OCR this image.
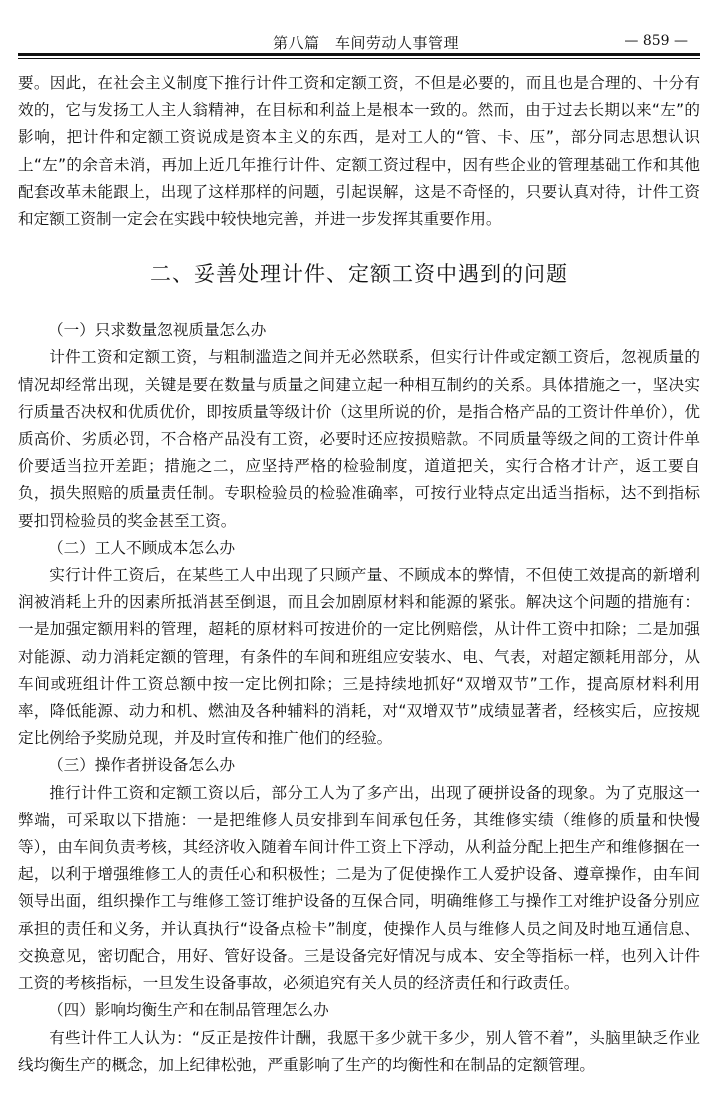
第八篇　车间劳动人事管理	— 859 —

要。因此，在社会主义制度下推行计件工资和定额工资，不但是必要的，而且也是合理的、十分有效的，它与发扬工人主人翁精神，在目标和利益上是根本一致的。然而，由于过去长期以来“左”的影响，把计件和定额工资说成是资本主义的东西，是对工人的“管、卡、压”，部分同志思想认识上“左”的余音未消，再加上近几年推行计件、定额工资过程中，因有些企业的管理基础工作和其他配套改革未能跟上，出现了这样那样的问题，引起误解，这是不奇怪的，只要认真对待，计件工资和定额工资制一定会在实践中较快地完善，并进一步发挥其重要作用。

二、妥善处理计件、定额工资中遇到的问题
（一）只求数量忽视质量怎么办

计件工资和定额工资，与粗制滥造之间并无必然联系，但实行计件或定额工资后，忽视质量的情况却经常出现，关键是要在数量与质量之间建立起一种相互制约的关系。具体措施之一，坚决实行质量否决权和优质优价，即按质量等级计价（这里所说的价，是指合格产品的工资计件单价），优质高价、劣质必罚，不合格产品没有工资，必要时还应按损赔款。不同质量等级之间的工资计件单价要适当拉开差距；措施之二，应坚持严格的检验制度，道道把关，实行合格才计产，返工要自负，损失照赔的质量责任制。专职检验员的检验准确率，可按行业特点定出适当指标，达不到指标要扣罚检验员的奖金甚至工资。

（二）工人不顾成本怎么办

实行计件工资后，在某些工人中出现了只顾产量、不顾成本的弊情，不但使工效提高的新增利润被消耗上升的因素所抵消甚至倒退，而且会加剧原材料和能源的紧张。解决这个问题的措施有：一是加强定额用料的管理，超耗的原材料可按进价的一定比例赔偿，从计件工资中扣除；二是加强对能源、动力消耗定额的管理，有条件的车间和班组应安装水、电、气表，对超定额耗用部分，从车间或班组计件工资总额中按一定比例扣除；三是持续地抓好“双增双节”工作，提高原材料利用率，降低能源、动力和机、燃油及各种辅料的消耗，对“双增双节”成绩显著者，经核实后，应按规定比例给予奖励兑现，并及时宣传和推广他们的经验。

（三）操作者拼设备怎么办

推行计件工资和定额工资以后，部分工人为了多产出，出现了硬拼设备的现象。为了克服这一弊端，可采取以下措施：一是把维修人员安排到车间承包任务，其维修实绩（维修的质量和快慢等），由车间负责考核，其经济收入随着车间计件工资上下浮动，从利益分配上把生产和维修捆在一起，以利于增强维修工人的责任心和积极性；二是为了促使操作工人爱护设备、遵章操作，由车间领导出面，组织操作工与维修工签订维护设备的互保合同，明确维修工与操作工对维护设备分别应承担的责任和义务，并认真执行“设备点检卡”制度，使操作人员与维修人员之间及时地互通信息、交换意见，密切配合，用好、管好设备。三是设备完好情况与成本、安全等指标一样，也列入计件工资的考核指标，一旦发生设备事故，必须追究有关人员的经济责任和行政责任。

（四）影响均衡生产和在制品管理怎么办

有些计件工人认为：“反正是按件计酬，我愿干多少就干多少，别人管不着”，头脑里缺乏作业线均衡生产的概念，加上纪律松弛，严重影响了生产的均衡性和在制品的定额管理。
